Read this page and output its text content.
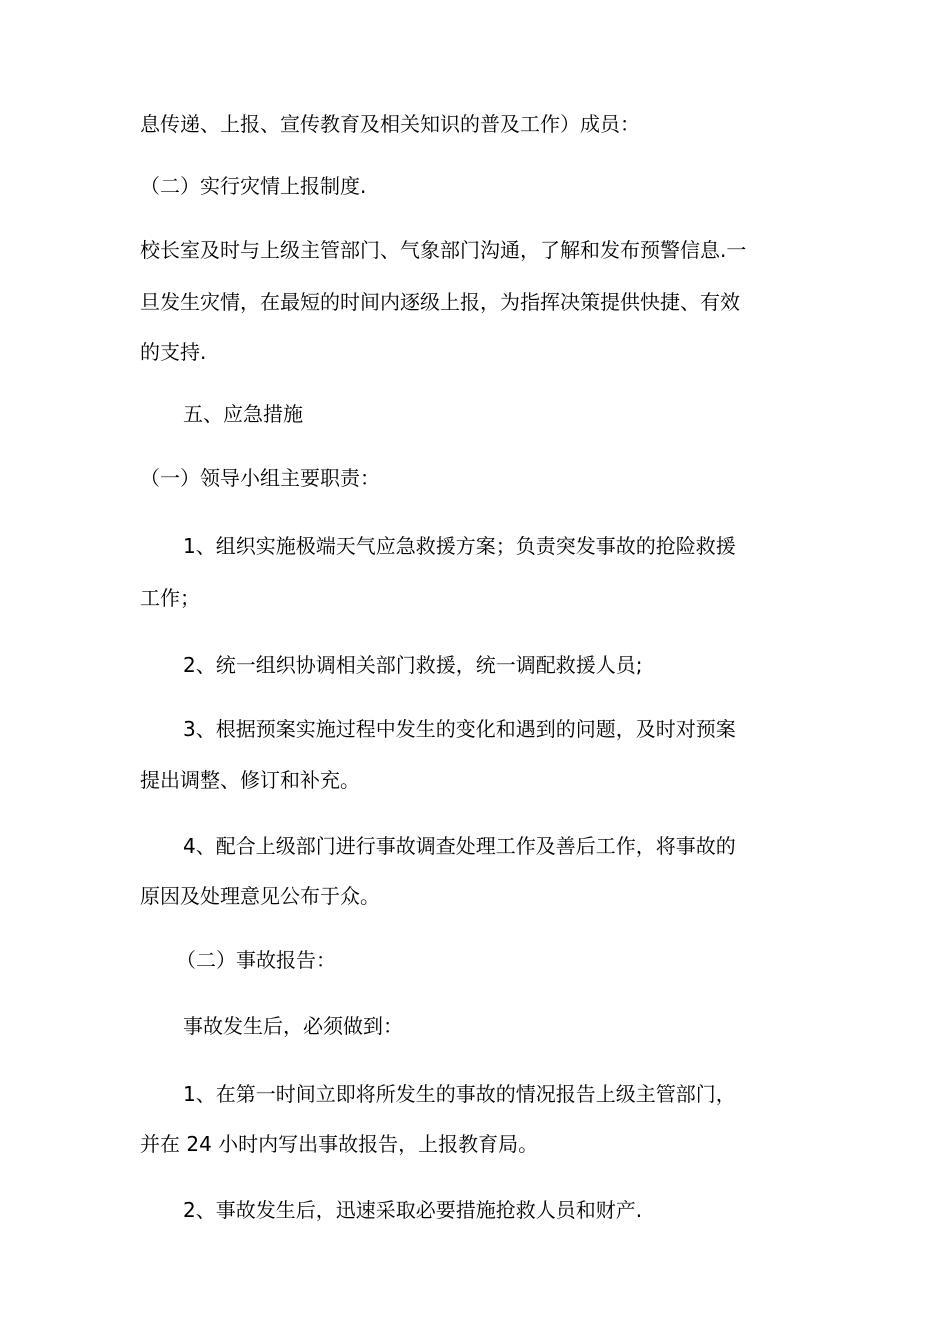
息传递、上报、宣传教育及相关知识的普及工作）成员：
（二）实行灾情上报制度.
校长室及时与上级主管部门、气象部门沟通，了解和发布预警信息.一
旦发生灾情，在最短的时间内逐级上报，为指挥决策提供快捷、有效
的支持.
五、应急措施
（一）领导小组主要职责：
1、组织实施极端天气应急救援方案；负责突发事故的抢险救援
工作；
2、统一组织协调相关部门救援，统一调配救援人员;
3、根据预案实施过程中发生的变化和遇到的问题，及时对预案
提出调整、修订和补充。
4、配合上级部门进行事故调查处理工作及善后工作，将事故的
原因及处理意见公布于众。
（二）事故报告：
事故发生后，必须做到：
1、在第一时间立即将所发生的事故的情况报告上级主管部门，
并在 24 小时内写出事故报告，上报教育局。
2、事故发生后，迅速采取必要措施抢救人员和财产.
